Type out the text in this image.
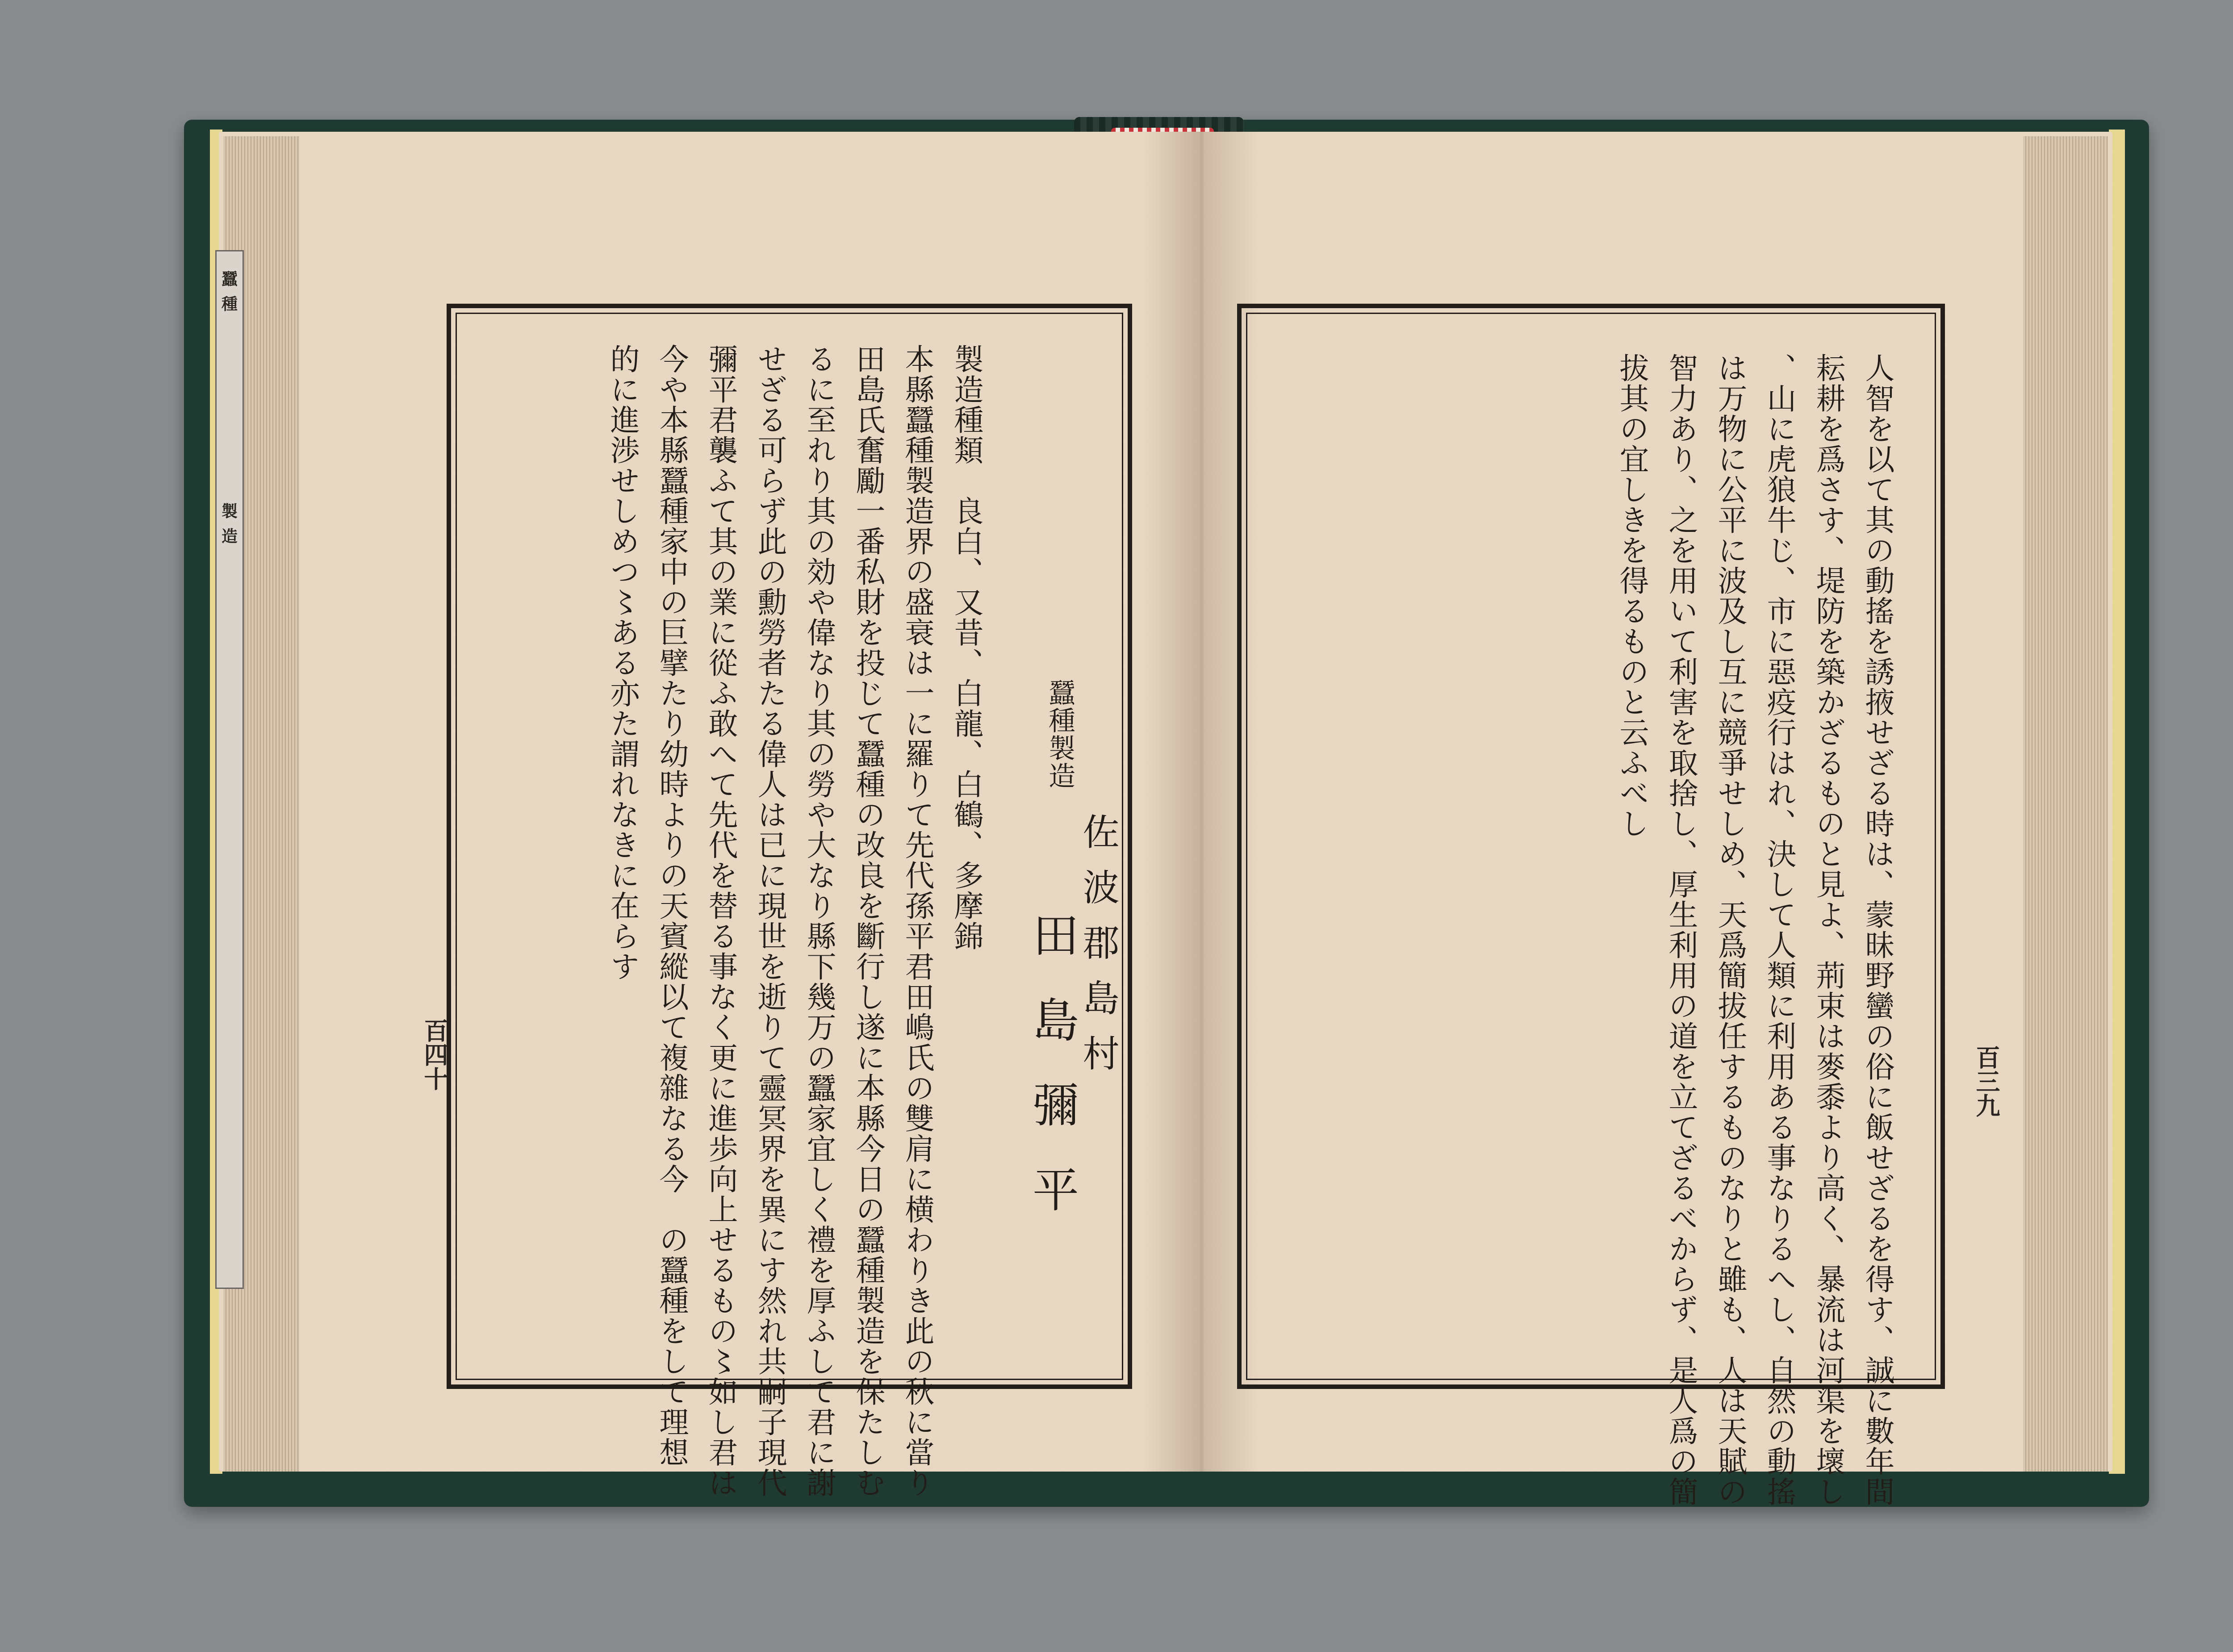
蠶
種
製
造
蠶種製造
佐波郡島村
田島彌平
製造種類　良白、又昔、白龍、白鶴、多摩錦
本縣蠶種製造界の盛衰は一に羅りて先代孫平君田嶋氏の雙肩に横わりき此の秋に當り
田島氏奮勵一番私財を投じて蠶種の改良を斷行し遂に本縣今日の蠶種製造を保たしむ
るに至れり其の効や偉なり其の勞や大なり縣下幾万の蠶家宜しく禮を厚ふして君に謝
せざる可らず此の勳勞者たる偉人は已に現世を逝りて靈冥界を異にす然れ共嗣子現代
彌平君襲ふて其の業に從ふ敢へて先代を替る事なく更に進歩向上せるもの〻如し君は
今や本縣蠶種家中の巨擘たり幼時よりの天賓縱以て複雜なる今　の蠶種をして理想
的に進渉せしめつ〻ある亦た謂れなきに在らす
百四十	人智を以て其の動搖を誘掖せざる時は、蒙昧野蠻の俗に飯せざるを得す、誠に數年間
耘耕を爲さす、堤防を築かざるものと見よ、荊束は麥黍より高く、暴流は河渠を壞し
、山に虎狼牛じ、市に惡疫行はれ、決して人類に利用ある事なりるへし、自然の動搖
は万物に公平に波及し互に競爭せしめ、天爲簡拔任するものなりと雖も、人は天賦の
智力あり、之を用いて利害を取捨し、厚生利用の道を立てざるべからず、是人爲の簡
拔其の宜しきを得るものと云ふべし
百三九
